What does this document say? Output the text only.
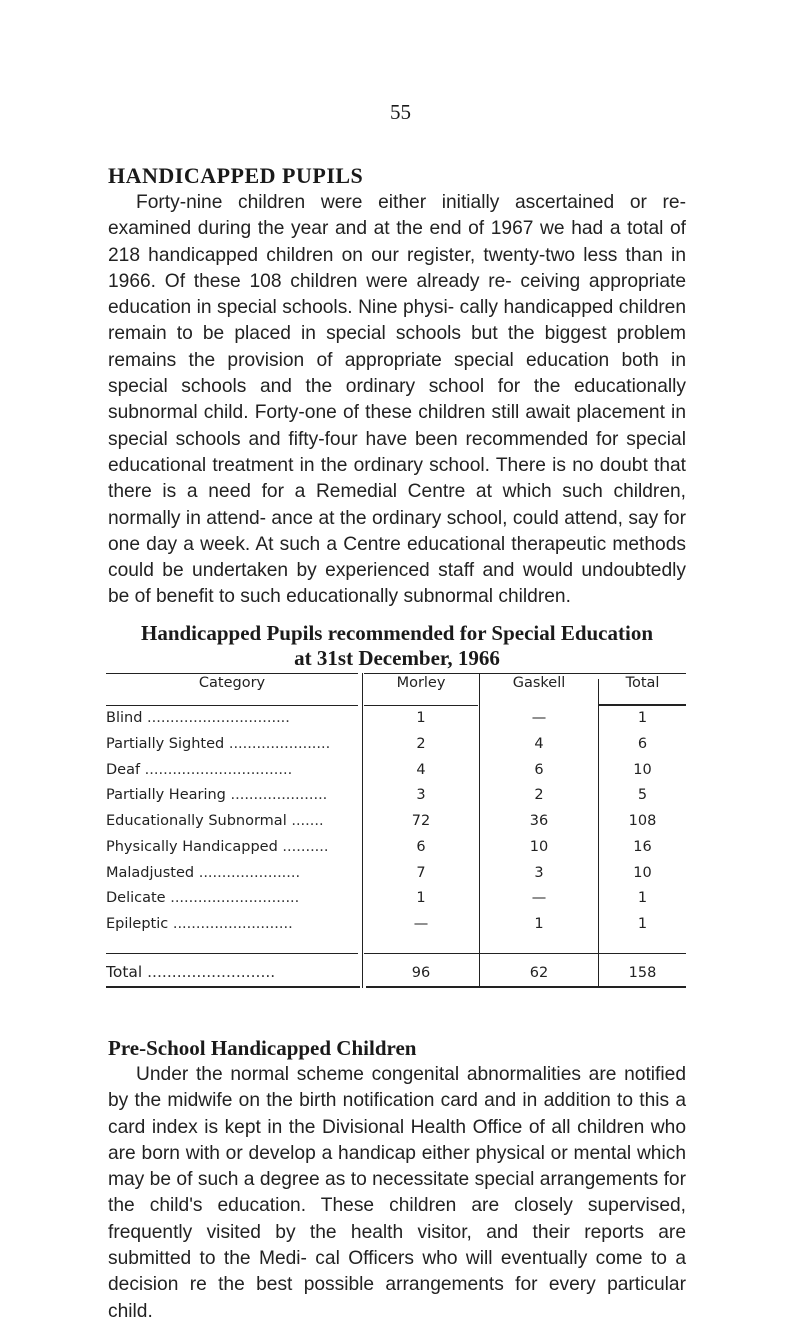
55
HANDICAPPED PUPILS

Forty-nine children were either initially ascertained or re-examined during the year and at the end of 1967 we had a total of 218 handicapped children on our register, twenty-two less than in 1966. Of these 108 children were already re- ceiving appropriate education in special schools. Nine physi- cally handicapped children remain to be placed in special schools but the biggest problem remains the provision of appropriate special education both in special schools and the ordinary school for the educationally subnormal child. Forty-one of these children still await placement in special schools and fifty-four have been recommended for special educational treatment in the ordinary school. There is no doubt that there is a need for a Remedial Centre at which such children, normally in attend- ance at the ordinary school, could attend, say for one day a week. At such a Centre educational therapeutic methods could be undertaken by experienced staff and would undoubtedly be of benefit to such educationally subnormal children.

Handicapped Pupils recommended for Special Education
at 31st December, 1966
Category	Morley	Gaskell	Total
Blind ...............................	1	—	1
Partially Sighted ......................	2	4	6
Deaf ................................	4	6	10
Partially Hearing .....................	3	2	5
Educationally Subnormal .......	72	36	108
Physically Handicapped ..........	6	10	16
Maladjusted ......................	7	3	10
Delicate ............................	1	—	1
Epileptic ..........................	—	1	1
Total ..........................	96	62	158
Pre-School Handicapped Children

Under the normal scheme congenital abnormalities are notified by the midwife on the birth notification card and in addition to this a card index is kept in the Divisional Health Office of all children who are born with or develop a handicap either physical or mental which may be of such a degree as to necessitate special arrangements for the child's education. These children are closely supervised, frequently visited by the health visitor, and their reports are submitted to the Medi- cal Officers who will eventually come to a decision re the best possible arrangements for every particular child.
